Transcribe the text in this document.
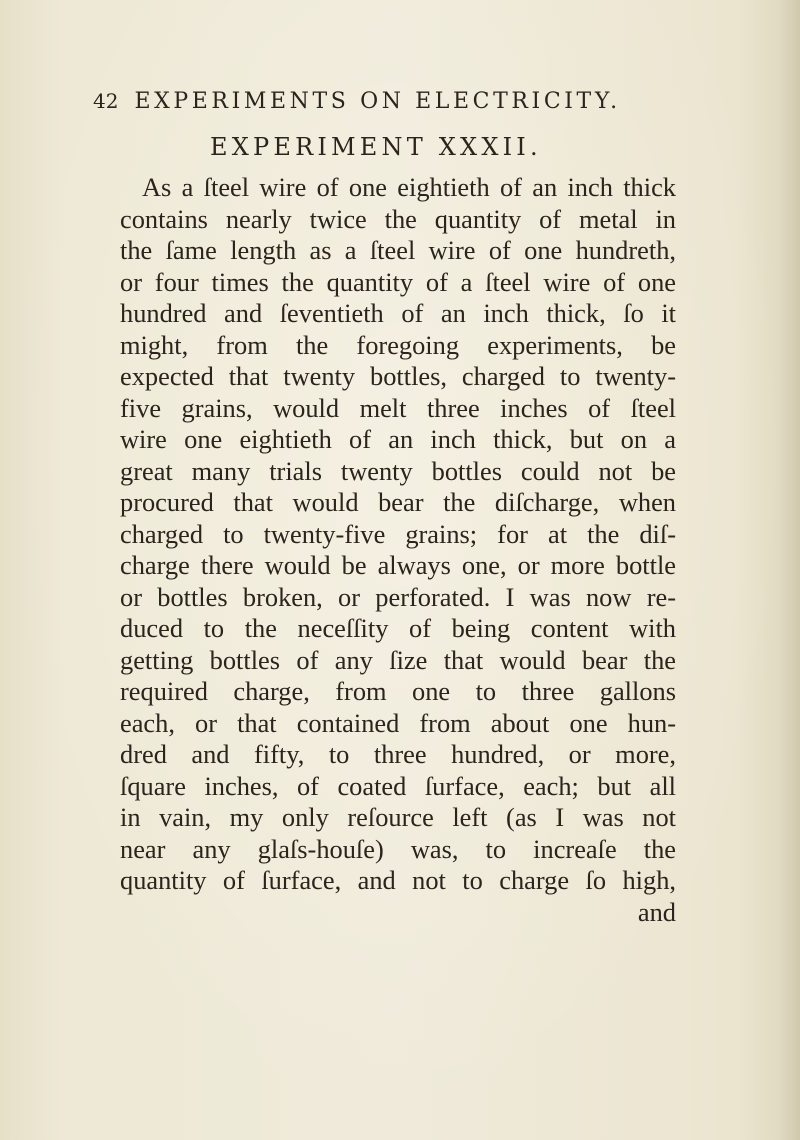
42 EXPERIMENTS ON ELECTRICITY.
EXPERIMENT XXXII.
As a ſteel wire of one eightieth of an inch thick
contains nearly twice the quantity of metal in
the ſame length as a ſteel wire of one hundreth,
or four times the quantity of a ſteel wire of one
hundred and ſeventieth of an inch thick, ſo it
might, from the foregoing experiments, be
expected that twenty bottles, charged to twenty-
five grains, would melt three inches of ſteel
wire one eightieth of an inch thick, but on a
great many trials twenty bottles could not be
procured that would bear the diſcharge, when
charged to twenty-five grains; for at the diſ-
charge there would be always one, or more bottle
or bottles broken, or perforated. I was now re-
duced to the neceſſity of being content with
getting bottles of any ſize that would bear the
required charge, from one to three gallons
each, or that contained from about one hun-
dred and fifty, to three hundred, or more,
ſquare inches, of coated ſurface, each; but all
in vain, my only reſource left (as I was not
near any glaſs-houſe) was, to increaſe the
quantity of ſurface, and not to charge ſo high,
and
